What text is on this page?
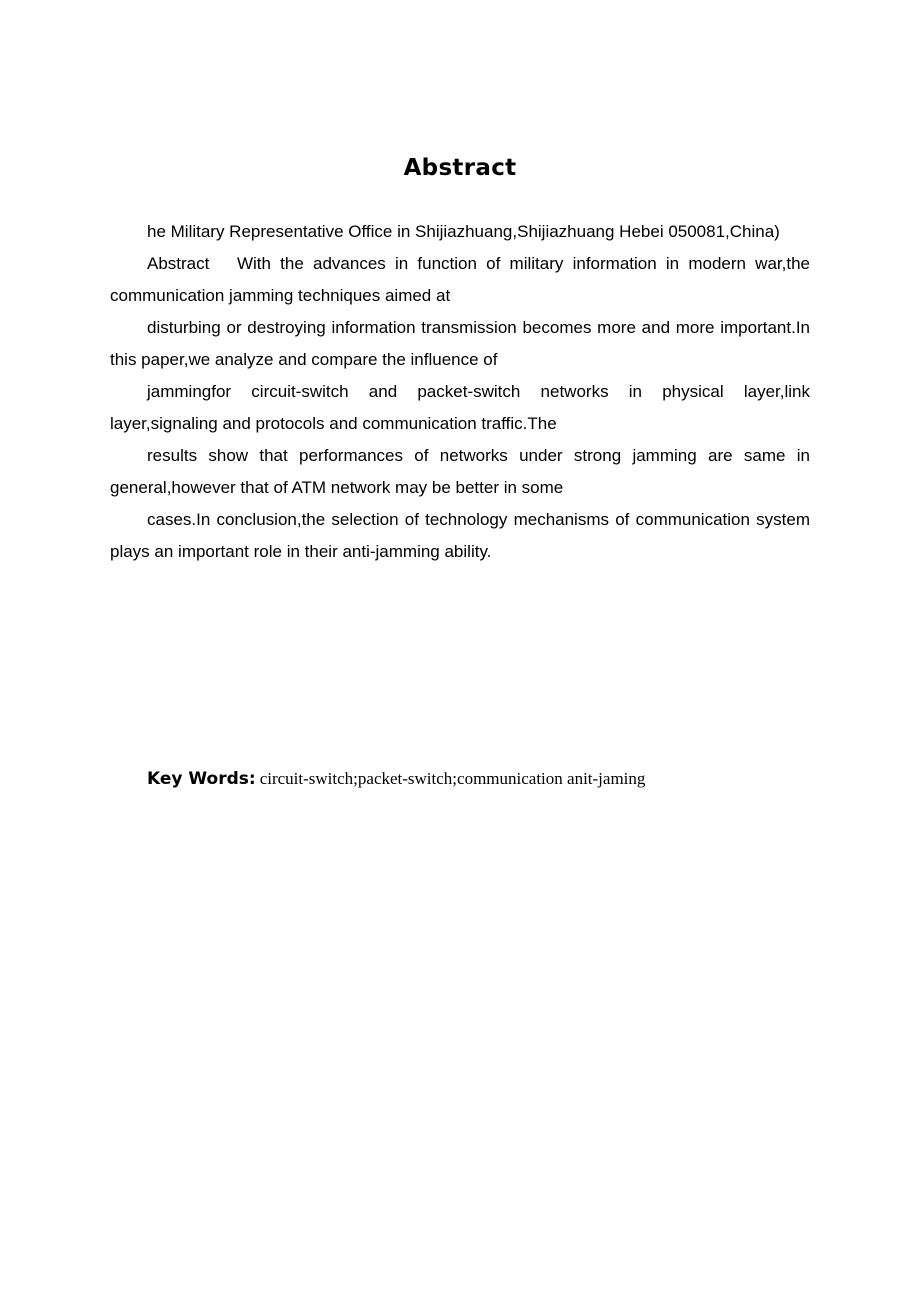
Abstract

he Military Representative Office in Shijiazhuang,Shijiazhuang Hebei 050081,China)

Abstract   With the advances in function of military information in modern war,the communication jamming techniques aimed at

disturbing or destroying information transmission becomes more and more important.In this paper,we analyze and compare the influence of

jammingfor circuit-switch and packet-switch networks in physical layer,link layer,signaling and protocols and communication traffic.The

results show that performances of networks under strong jamming are same in general,however that of ATM network may be better in some

cases.In conclusion,the selection of technology mechanisms of communication system plays an important role in their anti-jamming ability.

Key Words: circuit-switch;packet-switch;communication anit-jaming
